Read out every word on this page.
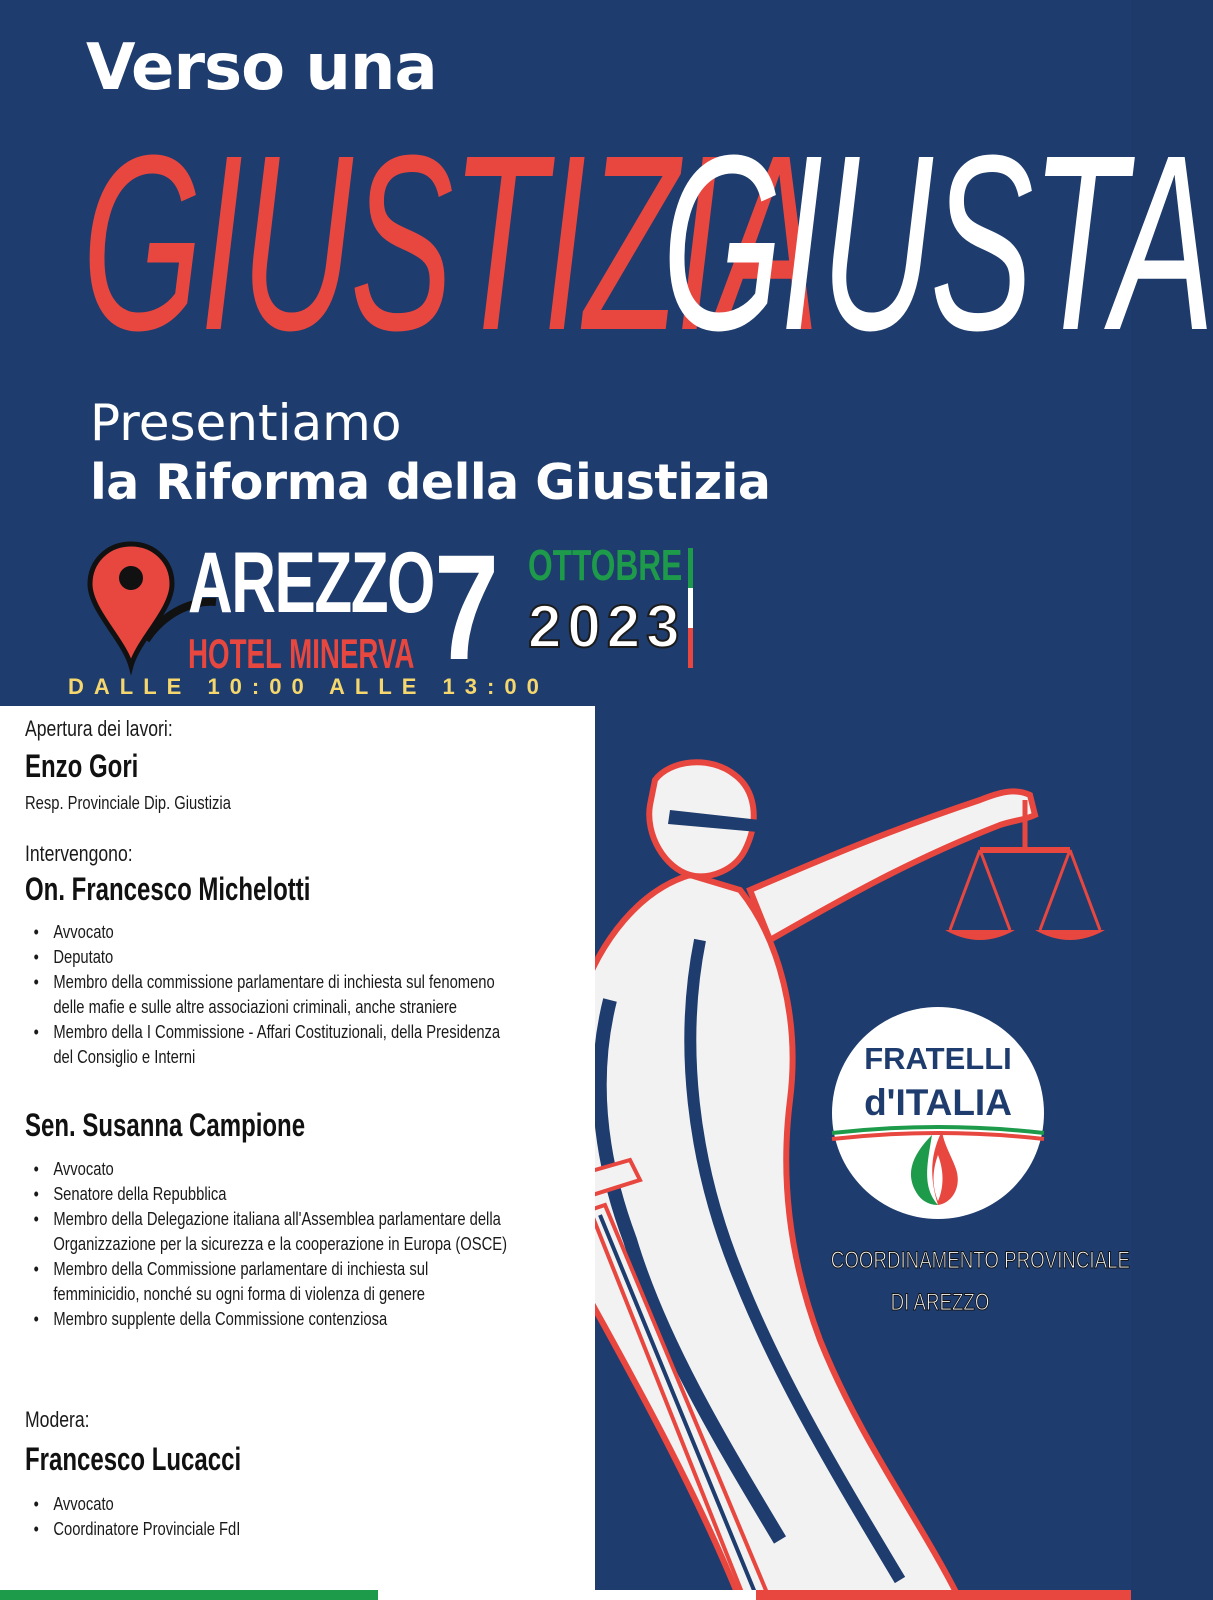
Verso una
GIUSTIZIA
GIUSTA
Presentiamo
la Riforma della Giustizia
AREZZO
HOTEL MINERVA 7 OTTOBRE
2023
DALLE 10:00 ALLE 13:00
FRATELLI
d'ITALIA
COORDINAMENTO PROVINCIALE
DI AREZZO
Apertura dei lavori:
Enzo Gori
Resp. Provinciale Dip. Giustizia
Intervengono:
On. Francesco Michelotti
• Avvocato
• Deputato
• Membro della commissione parlamentare di inchiesta sul fenomeno delle mafie e sulle altre associazioni criminali, anche straniere
• Membro della I Commissione - Affari Costituzionali, della Presidenza del Consiglio e Interni
Sen. Susanna Campione
• Avvocato
• Senatore della Repubblica
• Membro della Delegazione italiana all'Assemblea parlamentare della Organizzazione per la sicurezza e la cooperazione in Europa (OSCE)
• Membro della Commissione parlamentare di inchiesta sul femminicidio, nonché su ogni forma di violenza di genere
• Membro supplente della Commissione contenziosa
Modera:
Francesco Lucacci
• Avvocato
• Coordinatore Provinciale FdI
